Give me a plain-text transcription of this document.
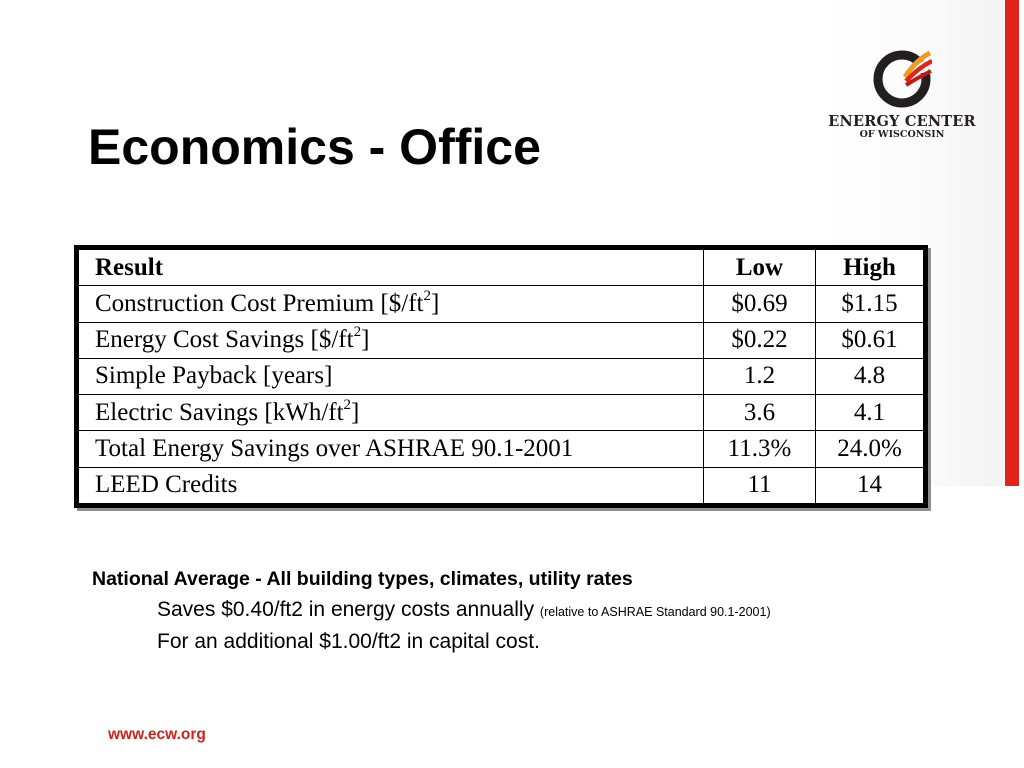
ENERGY CENTER
OF WISCONSIN
Economics - Office
Result	Low	High
Construction Cost Premium $[\$/ft^2]$	$0.69	$1.15
Energy Cost Savings $[\$/ft^2]$	$0.22	$0.61
Simple Payback [years]	1.2	4.8
Electric Savings $[kWh/ft^2]$	3.6	4.1
Total Energy Savings over ASHRAE 90.1-2001	11.3%	24.0%
LEED Credits	11	14

National Average - All building types, climates, utility rates

Saves $0.40/ft2 in energy costs annually (relative to ASHRAE Standard 90.1-2001)

For an additional $1.00/ft2 in capital cost.

www.ecw.org
